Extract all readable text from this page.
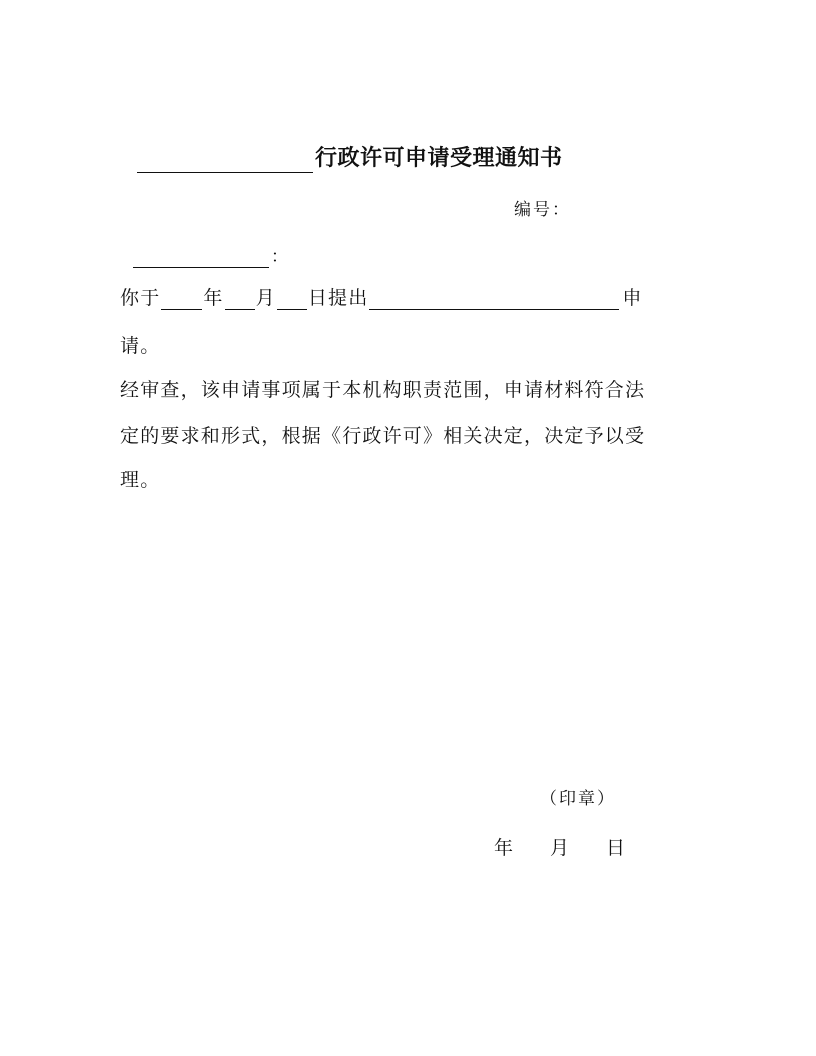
行政许可申请受理通知书
编号：
：
你于 年 月 日提出	申
请。
经审查，该申请事项属于本机构职责范围，申请材料符合法
定的要求和形式，根据《行政许可》相关决定，决定予以受
理。
（印章）
年 月 日
